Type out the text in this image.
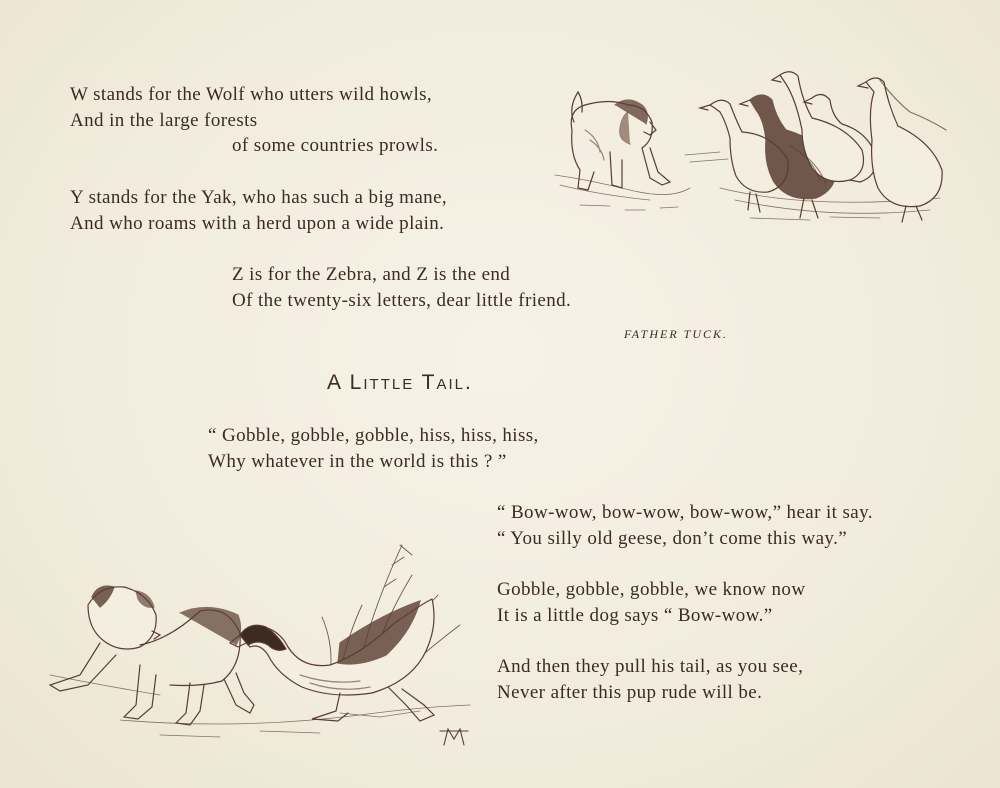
W stands for the Wolf who utters wild howls,
And in the large forests
of some countries prowls.
Y stands for the Yak, who has such a big mane,
And who roams with a herd upon a wide plain.
Z is for the Zebra, and Z is the end
Of the twenty-six letters, dear little friend.
FATHER TUCK.
A Little Tail.
“ Gobble, gobble, gobble, hiss, hiss, hiss,
Why whatever in the world is this ? ”
“ Bow-wow, bow-wow, bow-wow,” hear it say.
“ You silly old geese, don’t come this way.”
Gobble, gobble, gobble, we know now
It is a little dog says “ Bow-wow.”
And then they pull his tail, as you see,
Never after this pup rude will be.
